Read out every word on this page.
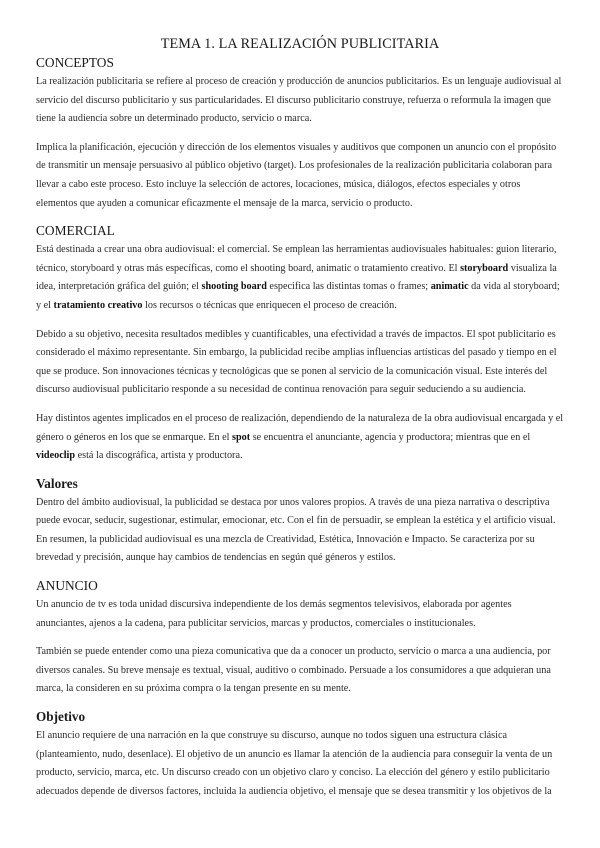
TEMA 1. LA REALIZACIÓN PUBLICITARIA
CONCEPTOS

La realización publicitaria se refiere al proceso de creación y producción de anuncios publicitarios. Es un lenguaje audiovisual al servicio del discurso publicitario y sus particularidades. El discurso publicitario construye, refuerza o reformula la imagen que tiene la audiencia sobre un determinado producto, servicio o marca.

Implica la planificación, ejecución y dirección de los elementos visuales y auditivos que componen un anuncio con el propósito de transmitir un mensaje persuasivo al público objetivo (target). Los profesionales de la realización publicitaria colaboran para llevar a cabo este proceso. Esto incluye la selección de actores, locaciones, música, diálogos, efectos especiales y otros elementos que ayuden a comunicar eficazmente el mensaje de la marca, servicio o producto.

COMERCIAL

Está destinada a crear una obra audiovisual: el comercial. Se emplean las herramientas audiovisuales habituales: guion literario, técnico, storyboard y otras más específicas, como el shooting board, animatic o tratamiento creativo. El storyboard visualiza la idea, interpretación gráfica del guión; el shooting board especifica las distintas tomas o frames; animatic da vida al storyboard; y el tratamiento creativo los recursos o técnicas que enriquecen el proceso de creación.

Debido a su objetivo, necesita resultados medibles y cuantificables, una efectividad a través de impactos. El spot publicitario es considerado el máximo representante. Sin embargo, la publicidad recibe amplias influencias artísticas del pasado y tiempo en el que se produce. Son innovaciones técnicas y tecnológicas que se ponen al servicio de la comunicación visual. Este interés del discurso audiovisual publicitario responde a su necesidad de continua renovación para seguir seduciendo a su audiencia.

Hay distintos agentes implicados en el proceso de realización, dependiendo de la naturaleza de la obra audiovisual encargada y el género o géneros en los que se enmarque. En el spot se encuentra el anunciante, agencia y productora; mientras que en el videoclip está la discográfica, artista y productora.

Valores

Dentro del ámbito audiovisual, la publicidad se destaca por unos valores propios. A través de una pieza narrativa o descriptiva puede evocar, seducir, sugestionar, estimular, emocionar, etc. Con el fin de persuadir, se emplean la estética y el artificio visual. En resumen, la publicidad audiovisual es una mezcla de Creatividad, Estética, Innovación e Impacto. Se caracteriza por su brevedad y precisión, aunque hay cambios de tendencias en según qué géneros y estilos.

ANUNCIO

Un anuncio de tv es toda unidad discursiva independiente de los demás segmentos televisivos, elaborada por agentes anunciantes, ajenos a la cadena, para publicitar servicios, marcas y productos, comerciales o institucionales.

También se puede entender como una pieza comunicativa que da a conocer un producto, servicio o marca a una audiencia, por diversos canales. Su breve mensaje es textual, visual, auditivo o combinado. Persuade a los consumidores a que adquieran una marca, la consideren en su próxima compra o la tengan presente en su mente.

Objetivo

El anuncio requiere de una narración en la que construye su discurso, aunque no todos siguen una estructura clásica (planteamiento, nudo, desenlace). El objetivo de un anuncio es llamar la atención de la audiencia para conseguir la venta de un producto, servicio, marca, etc. Un discurso creado con un objetivo claro y conciso. La elección del género y estilo publicitario adecuados depende de diversos factores, incluida la audiencia objetivo, el mensaje que se desea transmitir y los objetivos de la
